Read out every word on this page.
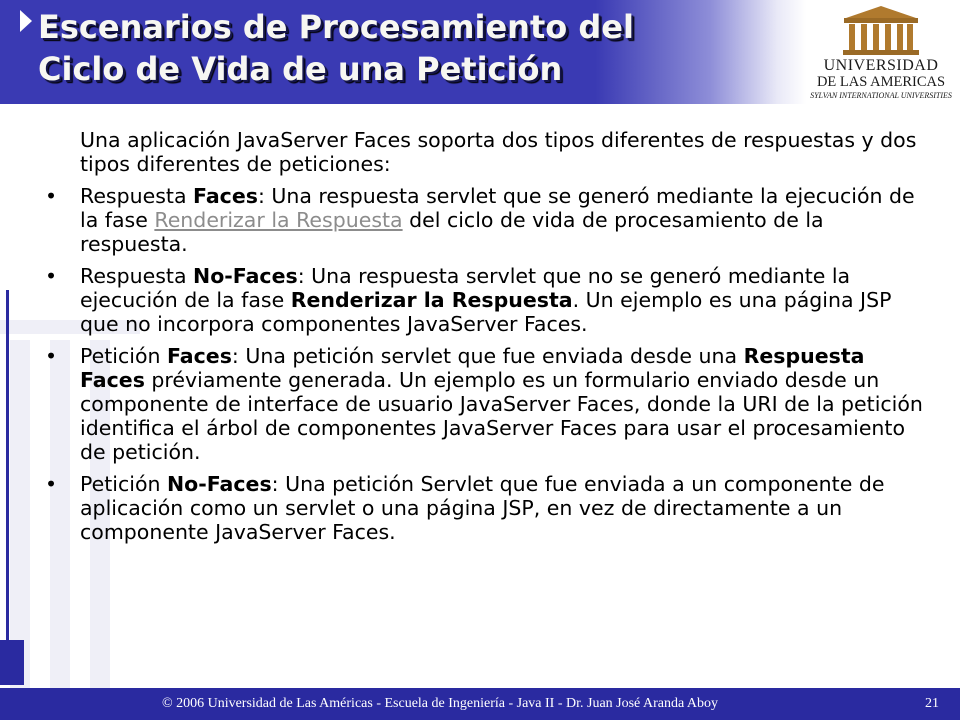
Escenarios de Procesamiento del
Ciclo de Vida de una Petición	UNIVERSIDAD
DE LAS AMERICAS
SYLVAN INTERNATIONAL UNIVERSITIES

Una aplicación JavaServer Faces soporta dos tipos diferentes de respuestas y dos tipos diferentes de peticiones:

• Respuesta Faces: Una respuesta servlet que se generó mediante la ejecución de la fase Renderizar la Respuesta del ciclo de vida de procesamiento de la respuesta.
• Respuesta No-Faces: Una respuesta servlet que no se generó mediante la ejecución de la fase Renderizar la Respuesta. Un ejemplo es una página JSP que no incorpora componentes JavaServer Faces.
• Petición Faces: Una petición servlet que fue enviada desde una Respuesta Faces préviamente generada. Un ejemplo es un formulario enviado desde un componente de interface de usuario JavaServer Faces, donde la URI de la petición identifica el árbol de componentes JavaServer Faces para usar el procesamiento de petición.
• Petición No-Faces: Una petición Servlet que fue enviada a un componente de aplicación como un servlet o una página JSP, en vez de directamente a un componente JavaServer Faces.
© 2006 Universidad de Las Américas - Escuela de Ingeniería - Java II - Dr. Juan José Aranda Aboy	21
